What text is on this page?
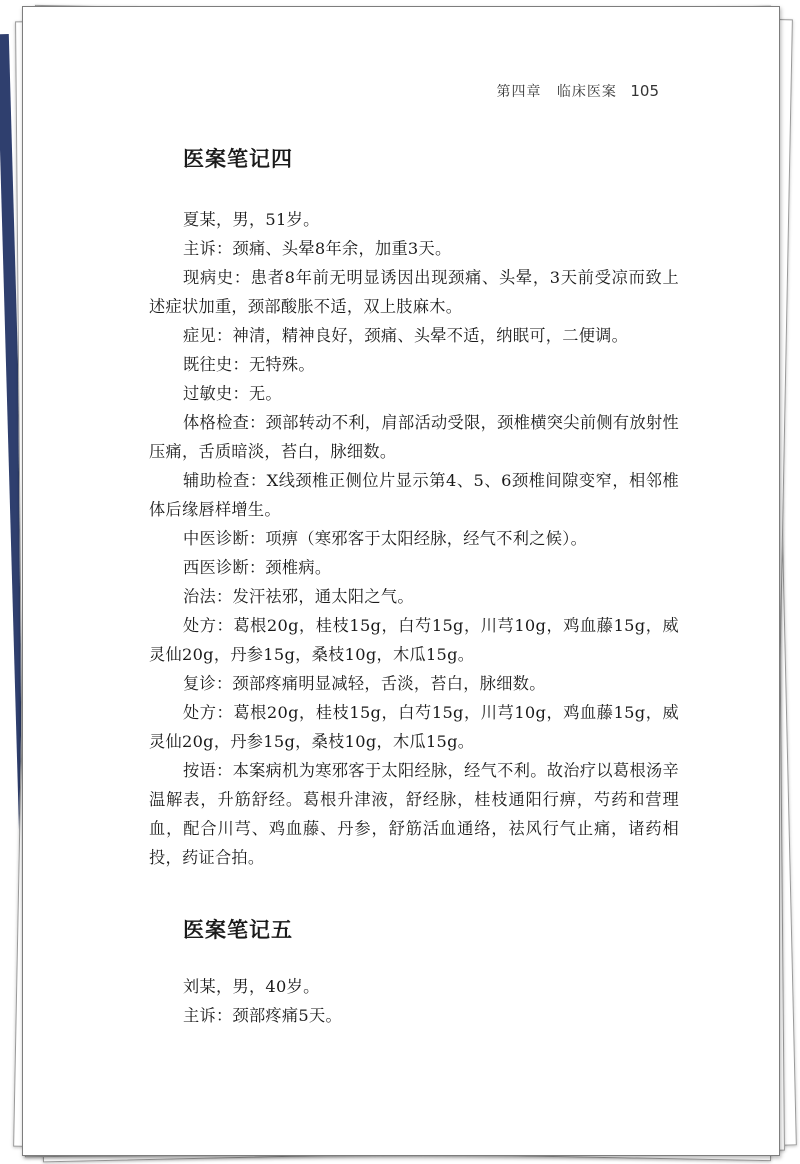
第四章 临床医案 105
医案笔记四

夏某，男，51岁。

主诉：颈痛、头晕8年余，加重3天。

现病史：患者8年前无明显诱因出现颈痛、头晕，3天前受凉而致上述症状加重，颈部酸胀不适，双上肢麻木。

症见：神清，精神良好，颈痛、头晕不适，纳眠可，二便调。

既往史：无特殊。

过敏史：无。

体格检查：颈部转动不利，肩部活动受限，颈椎横突尖前侧有放射性压痛，舌质暗淡，苔白，脉细数。

辅助检查：X线颈椎正侧位片显示第4、5、6颈椎间隙变窄，相邻椎体后缘唇样增生。

中医诊断：项痹（寒邪客于太阳经脉，经气不利之候）。

西医诊断：颈椎病。

治法：发汗祛邪，通太阳之气。

处方：葛根20g，桂枝15g，白芍15g，川芎10g，鸡血藤15g，威灵仙20g，丹参15g，桑枝10g，木瓜15g。

复诊：颈部疼痛明显减轻，舌淡，苔白，脉细数。

处方：葛根20g，桂枝15g，白芍15g，川芎10g，鸡血藤15g，威灵仙20g，丹参15g，桑枝10g，木瓜15g。

按语：本案病机为寒邪客于太阳经脉，经气不利。故治疗以葛根汤辛温解表，升筋舒经。葛根升津液，舒经脉，桂枝通阳行痹，芍药和营理血，配合川芎、鸡血藤、丹参，舒筋活血通络，祛风行气止痛，诸药相投，药证合拍。

医案笔记五

刘某，男，40岁。

主诉：颈部疼痛5天。
